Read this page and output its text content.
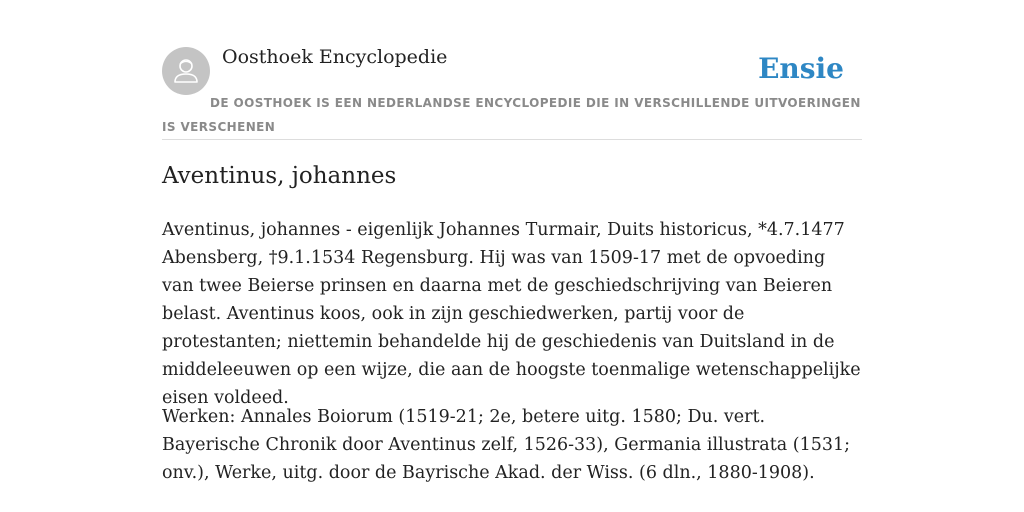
Oosthoek Encyclopedie	Ensie
DE OOSTHOEK IS EEN NEDERLANDSE ENCYCLOPEDIE DIE IN VERSCHILLENDE UITVOERINGEN IS VERSCHENEN
Aventinus, johannes

Aventinus, johannes - eigenlijk Johannes Turmair, Duits historicus, *4.7.1477 Abensberg, †9.1.1534 Regensburg. Hij was van 1509-17 met de opvoeding van twee Beierse prinsen en daarna met de geschiedschrijving van Beieren belast. Aventinus koos, ook in zijn geschiedwerken, partij voor de protestanten; niettemin behandelde hij de geschiedenis van Duitsland in de middeleeuwen op een wijze, die aan de hoogste toenmalige wetenschappelijke eisen voldeed.

Werken: Annales Boiorum (1519-21; 2e, betere uitg. 1580; Du. vert. Bayerische Chronik door Aventinus zelf, 1526-33), Germania illustrata (1531; onv.), Werke, uitg. door de Bayrische Akad. der Wiss. (6 dln., 1880-1908).
